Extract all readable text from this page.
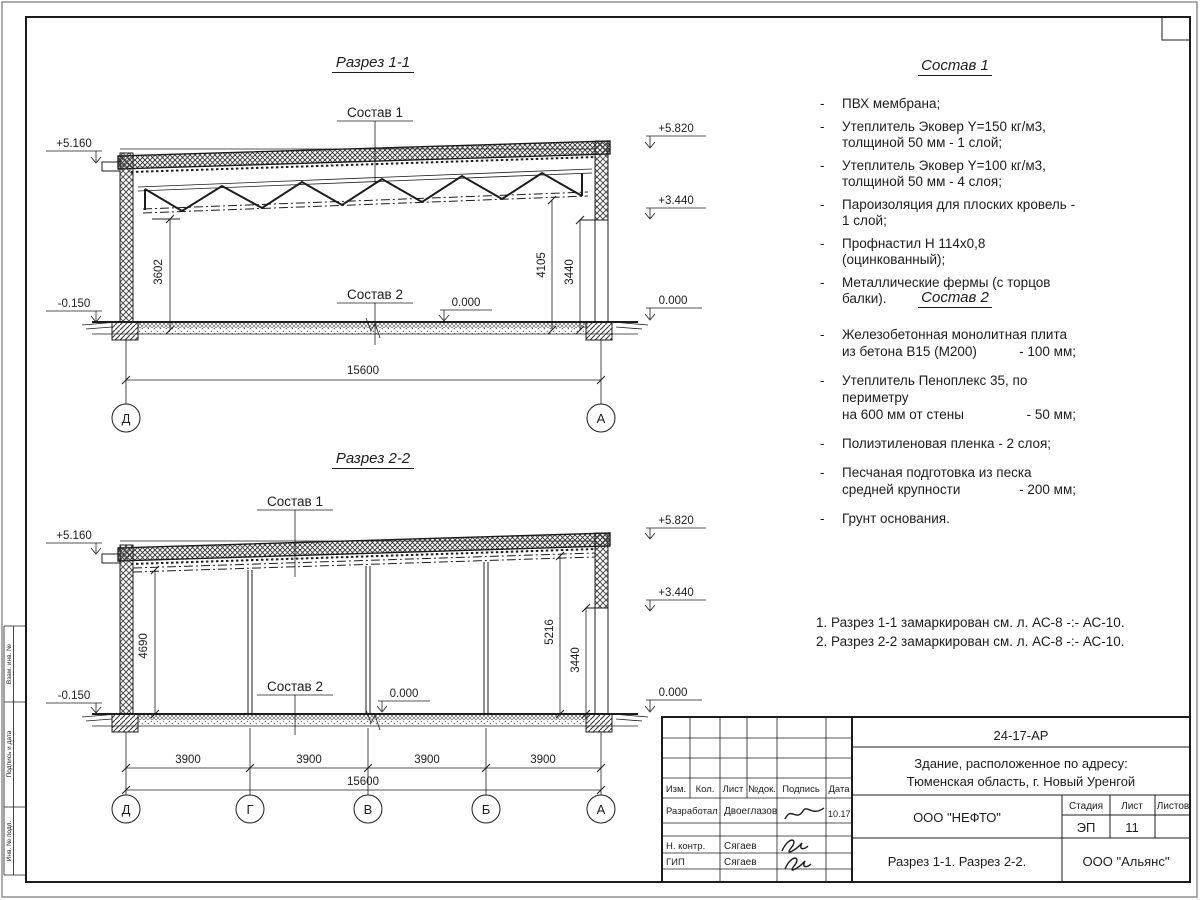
Взам. инв. №
Подпись и дата
Инв. № подл.
Состав 1
Состав 2
+5.160
-0.150
+5.820
+3.440
0.000
0.000
3602	4105 3440
15600
Д	А
Состав 1
Состав 2
+5.160
-0.150
+5.820
+3.440
0.000
0.000
4690
5216
3440
3900	3900	3900	3900
15600
Д	Г	В	Б	А
24-17-АР
Здание, расположенное по адресу:
Тюменская область, г. Новый Уренгой
ООО "НЕФТО"
Стадия Лист Листов
ЭП 11
Разрез 1-1. Разрез 2-2.	ООО "Альянс"
Изм. Кол. Лист №док. Подпись Дата
Разработал Двоеглазов	10.17
Н. контр. Сягаев
ГИП	Сягаев
Разрез 1-1
Разрез 2-2
Состав 1
-	ПВХ мембрана;
-	Утеплитель Эковер Y=150 кг/м3,
толщиной 50 мм - 1 слой;
-	Утеплитель Эковер Y=100 кг/м3,
толщиной 50 мм - 4 слоя;
-	Пароизоляция для плоских кровель - 1 слой;
-	Профнастил Н 114х0,8 (оцинкованный);
-	Металлические фермы (с торцов балки).	Состав 2
-	Железобетонная монолитная плита
из бетона В15 (М200)	- 100 мм;
-	Утеплитель Пеноплекс 35, по периметру
на 600 мм от стены	- 50 мм;
-	Полиэтиленовая пленка - 2 слоя;
-	Песчаная подготовка из песка
средней крупности	- 200 мм;
-	Грунт основания.
1. Разрез 1-1 замаркирован см. л. АС-8 -:- АС-10.
2. Разрез 2-2 замаркирован см. л. АС-8 -:- АС-10.
